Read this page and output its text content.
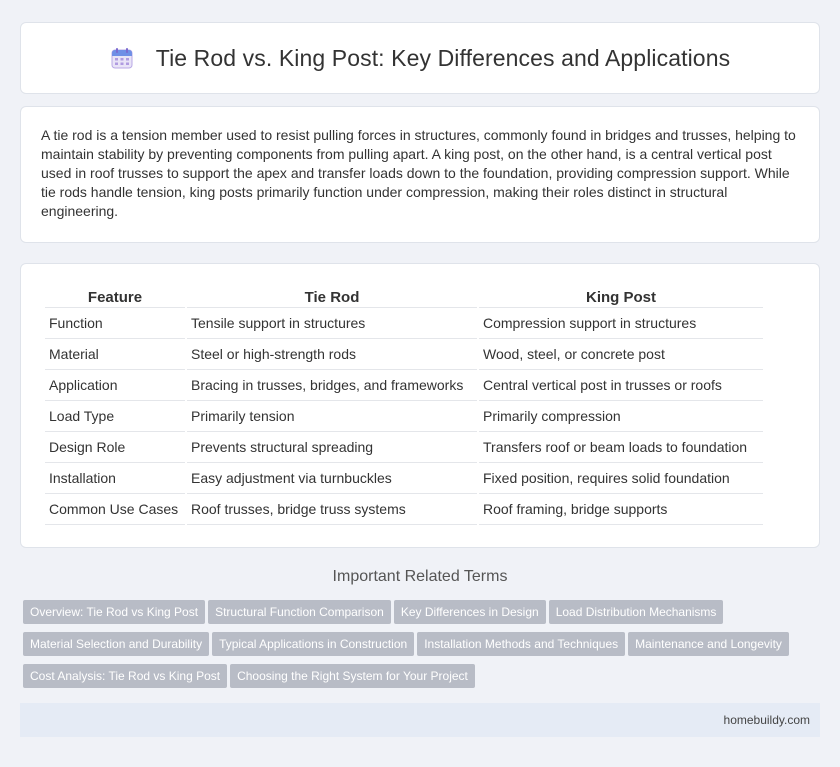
Tie Rod vs. King Post: Key Differences and Applications

A tie rod is a tension member used to resist pulling forces in structures, commonly found in bridges and trusses, helping to maintain stability by preventing components from pulling apart. A king post, on the other hand, is a central vertical post used in roof trusses to support the apex and transfer loads down to the foundation, providing compression support. While tie rods handle tension, king posts primarily function under compression, making their roles distinct in structural engineering.

Feature	Tie Rod	King Post
Function	Tensile support in structures	Compression support in structures
Material	Steel or high-strength rods	Wood, steel, or concrete post
Application	Bracing in trusses, bridges, and frameworks	Central vertical post in trusses or roofs
Load Type	Primarily tension	Primarily compression
Design Role	Prevents structural spreading	Transfers roof or beam loads to foundation
Installation	Easy adjustment via turnbuckles	Fixed position, requires solid foundation
Common Use Cases	Roof trusses, bridge truss systems	Roof framing, bridge supports
Important Related Terms
Overview: Tie Rod vs King Post Structural Function Comparison Key Differences in Design Load Distribution Mechanisms
Material Selection and Durability Typical Applications in Construction Installation Methods and Techniques Maintenance and Longevity
Cost Analysis: Tie Rod vs King Post Choosing the Right System for Your Project
homebuildy.com
